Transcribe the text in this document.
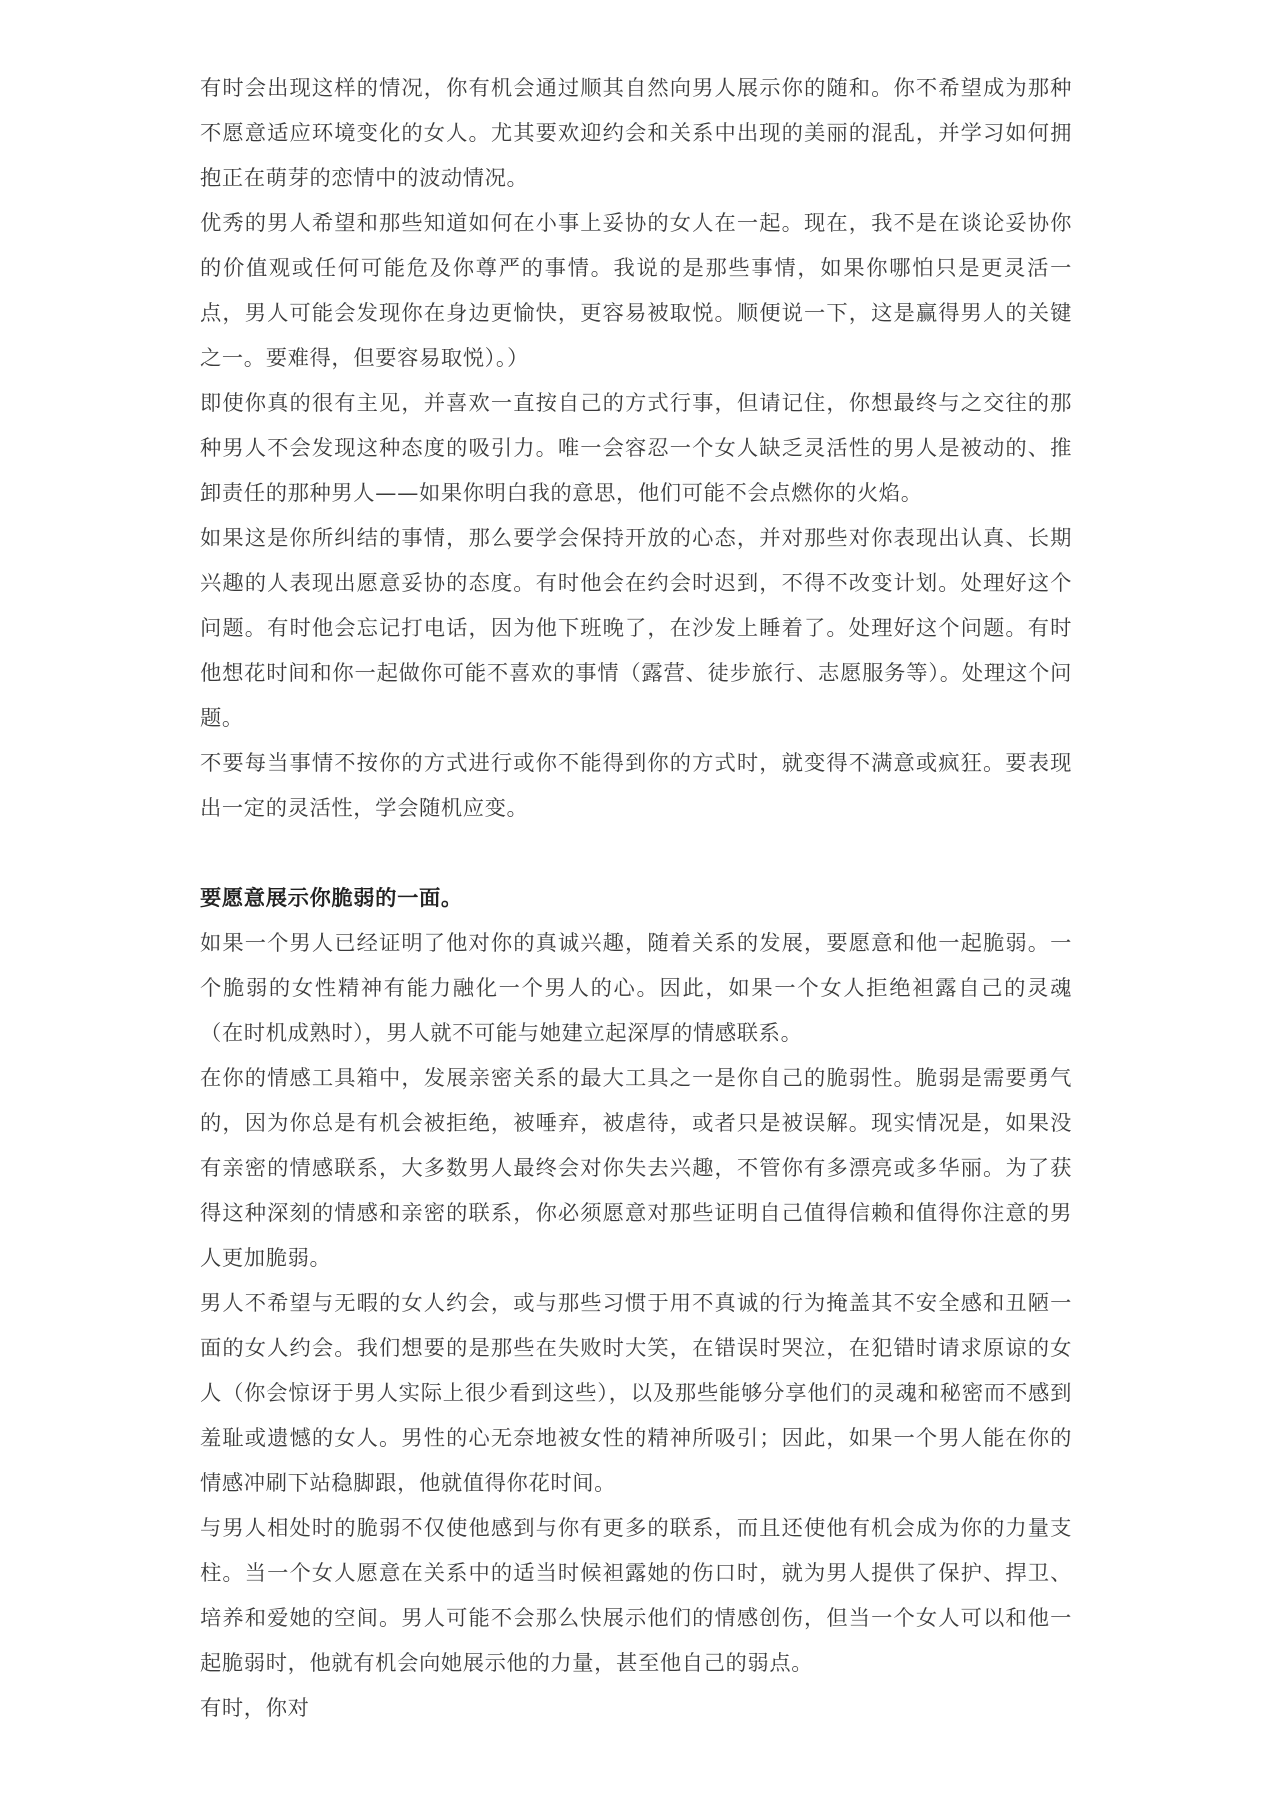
有时会出现这样的情况，你有机会通过顺其自然向男人展示你的随和。你不希望成为那种不愿意适应环境变化的女人。尤其要欢迎约会和关系中出现的美丽的混乱，并学习如何拥抱正在萌芽的恋情中的波动情况。

优秀的男人希望和那些知道如何在小事上妥协的女人在一起。现在，我不是在谈论妥协你的价值观或任何可能危及你尊严的事情。我说的是那些事情，如果你哪怕只是更灵活一点，男人可能会发现你在身边更愉快，更容易被取悦。顺便说一下，这是赢得男人的关键之一。要难得，但要容易取悦）。）

即使你真的很有主见，并喜欢一直按自己的方式行事，但请记住，你想最终与之交往的那种男人不会发现这种态度的吸引力。唯一会容忍一个女人缺乏灵活性的男人是被动的、推卸责任的那种男人——如果你明白我的意思，他们可能不会点燃你的火焰。

如果这是你所纠结的事情，那么要学会保持开放的心态，并对那些对你表现出认真、长期兴趣的人表现出愿意妥协的态度。有时他会在约会时迟到，不得不改变计划。处理好这个问题。有时他会忘记打电话，因为他下班晚了，在沙发上睡着了。处理好这个问题。有时他想花时间和你一起做你可能不喜欢的事情（露营、徒步旅行、志愿服务等）。处理这个问题。

不要每当事情不按你的方式进行或你不能得到你的方式时，就变得不满意或疯狂。要表现出一定的灵活性，学会随机应变。

要愿意展示你脆弱的一面。

如果一个男人已经证明了他对你的真诚兴趣，随着关系的发展，要愿意和他一起脆弱。一个脆弱的女性精神有能力融化一个男人的心。因此，如果一个女人拒绝袒露自己的灵魂（在时机成熟时），男人就不可能与她建立起深厚的情感联系。

在你的情感工具箱中，发展亲密关系的最大工具之一是你自己的脆弱性。脆弱是需要勇气的，因为你总是有机会被拒绝，被唾弃，被虐待，或者只是被误解。现实情况是，如果没有亲密的情感联系，大多数男人最终会对你失去兴趣，不管你有多漂亮或多华丽。为了获得这种深刻的情感和亲密的联系，你必须愿意对那些证明自己值得信赖和值得你注意的男人更加脆弱。

男人不希望与无暇的女人约会，或与那些习惯于用不真诚的行为掩盖其不安全感和丑陋一面的女人约会。我们想要的是那些在失败时大笑，在错误时哭泣，在犯错时请求原谅的女人（你会惊讶于男人实际上很少看到这些），以及那些能够分享他们的灵魂和秘密而不感到羞耻或遗憾的女人。男性的心无奈地被女性的精神所吸引；因此，如果一个男人能在你的情感冲刷下站稳脚跟，他就值得你花时间。

与男人相处时的脆弱不仅使他感到与你有更多的联系，而且还使他有机会成为你的力量支柱。当一个女人愿意在关系中的适当时候袒露她的伤口时，就为男人提供了保护、捍卫、培养和爱她的空间。男人可能不会那么快展示他们的情感创伤，但当一个女人可以和他一起脆弱时，他就有机会向她展示他的力量，甚至他自己的弱点。

有时，你对
